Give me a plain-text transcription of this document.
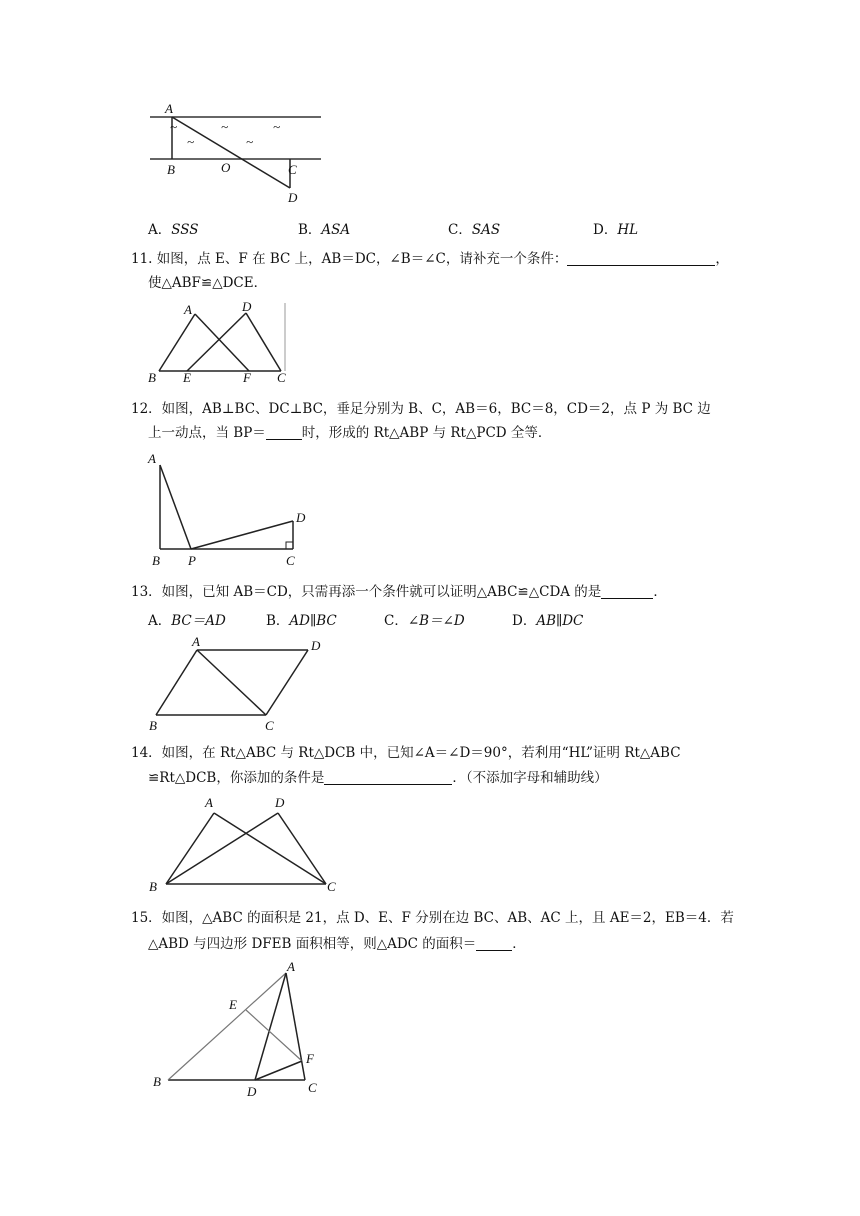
A
B	O	C
D
~	~	~
~	~
A．SSS	B．ASA	C．SAS	D．HL
11. 如图，点 E、F 在 BC 上，AB＝DC，∠B＝∠C，请补充一个条件：	，
使△ABF≌△DCE．
A	D
B E	F C
12．如图，AB⊥BC、DC⊥BC，垂足分别为 B、C，AB＝6，BC＝8，CD＝2，点 P 为 BC 边
上一动点，当 BP＝	时，形成的 Rt△ABP 与 Rt△PCD 全等．
A
B P	C
D
13．如图，已知 AB＝CD，只需再添一个条件就可以证明△ABC≌△CDA 的是	．
A．BC＝AD	B．AD∥BC	C．∠B＝∠D	D．AB∥DC
A	D
B	C
14．如图，在 Rt△ABC 与 Rt△DCB 中，已知∠A＝∠D＝90°，若利用“HL”证明 Rt△ABC
≌Rt△DCB，你添加的条件是	．（不添加字母和辅助线）
A	D
B	C
15．如图，△ABC 的面积是 21，点 D、E、F 分别在边 BC、AB、AC 上，且 AE＝2，EB＝4．若
△ABD 与四边形 DFEB 面积相等，则△ADC 的面积＝	．
A
E
F
B
D	C
